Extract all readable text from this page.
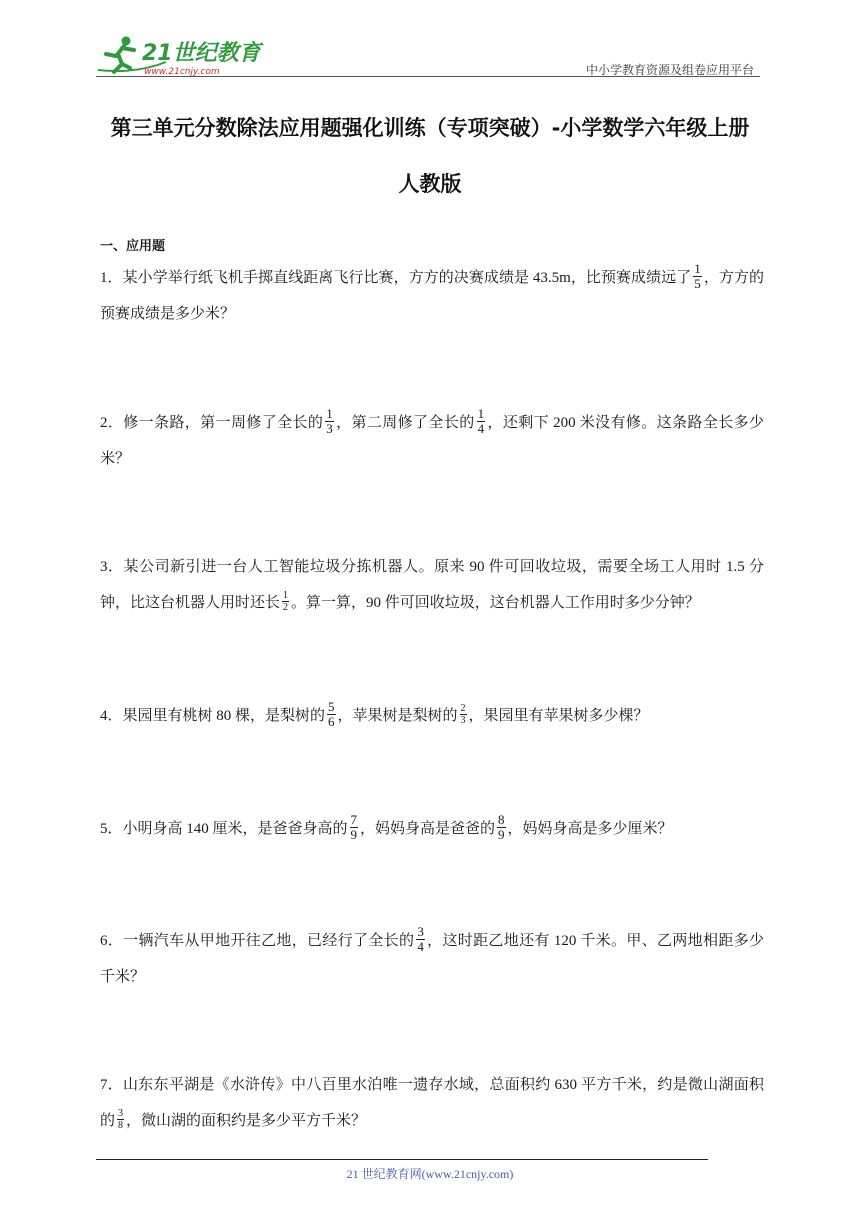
21世纪教育
www.21cnjy.com	中小学教育资源及组卷应用平台
第三单元分数除法应用题强化训练（专项突破）-小学数学六年级上册
人教版
一、应用题
1．某小学举行纸飞机手掷直线距离飞行比赛，方方的决赛成绩是 43.5m，比预赛成绩远了 $\frac{1}{5}$ ，方方的预赛成绩是多少米？
2．修一条路，第一周修了全长的 $\frac{1}{3}$ ，第二周修了全长的 $\frac{1}{4}$ ，还剩下 200 米没有修。这条路全长多少米？
3．某公司新引进一台人工智能垃圾分拣机器人。原来 90 件可回收垃圾，需要全场工人用时 1.5 分钟，比这台机器人用时还长 $\frac{1}{2}$ 。算一算，90 件可回收垃圾，这台机器人工作用时多少分钟？
4．果园里有桃树 80 棵，是梨树的 $\frac{5}{6}$ ，苹果树是梨树的 $\frac{2}{3}$ ，果园里有苹果树多少棵？
5．小明身高 140 厘米，是爸爸身高的 $\frac{7}{9}$ ，妈妈身高是爸爸的 $\frac{8}{9}$ ，妈妈身高是多少厘米？
6．一辆汽车从甲地开往乙地，已经行了全长的 $\frac{3}{4}$ ，这时距乙地还有 120 千米。甲、乙两地相距多少千米？
7．山东东平湖是《水浒传》中八百里水泊唯一遗存水域，总面积约 630 平方千米，约是微山湖面积的 $\frac{3}{8}$ ，微山湖的面积约是多少平方千米？
21 世纪教育网(www.21cnjy.com)
